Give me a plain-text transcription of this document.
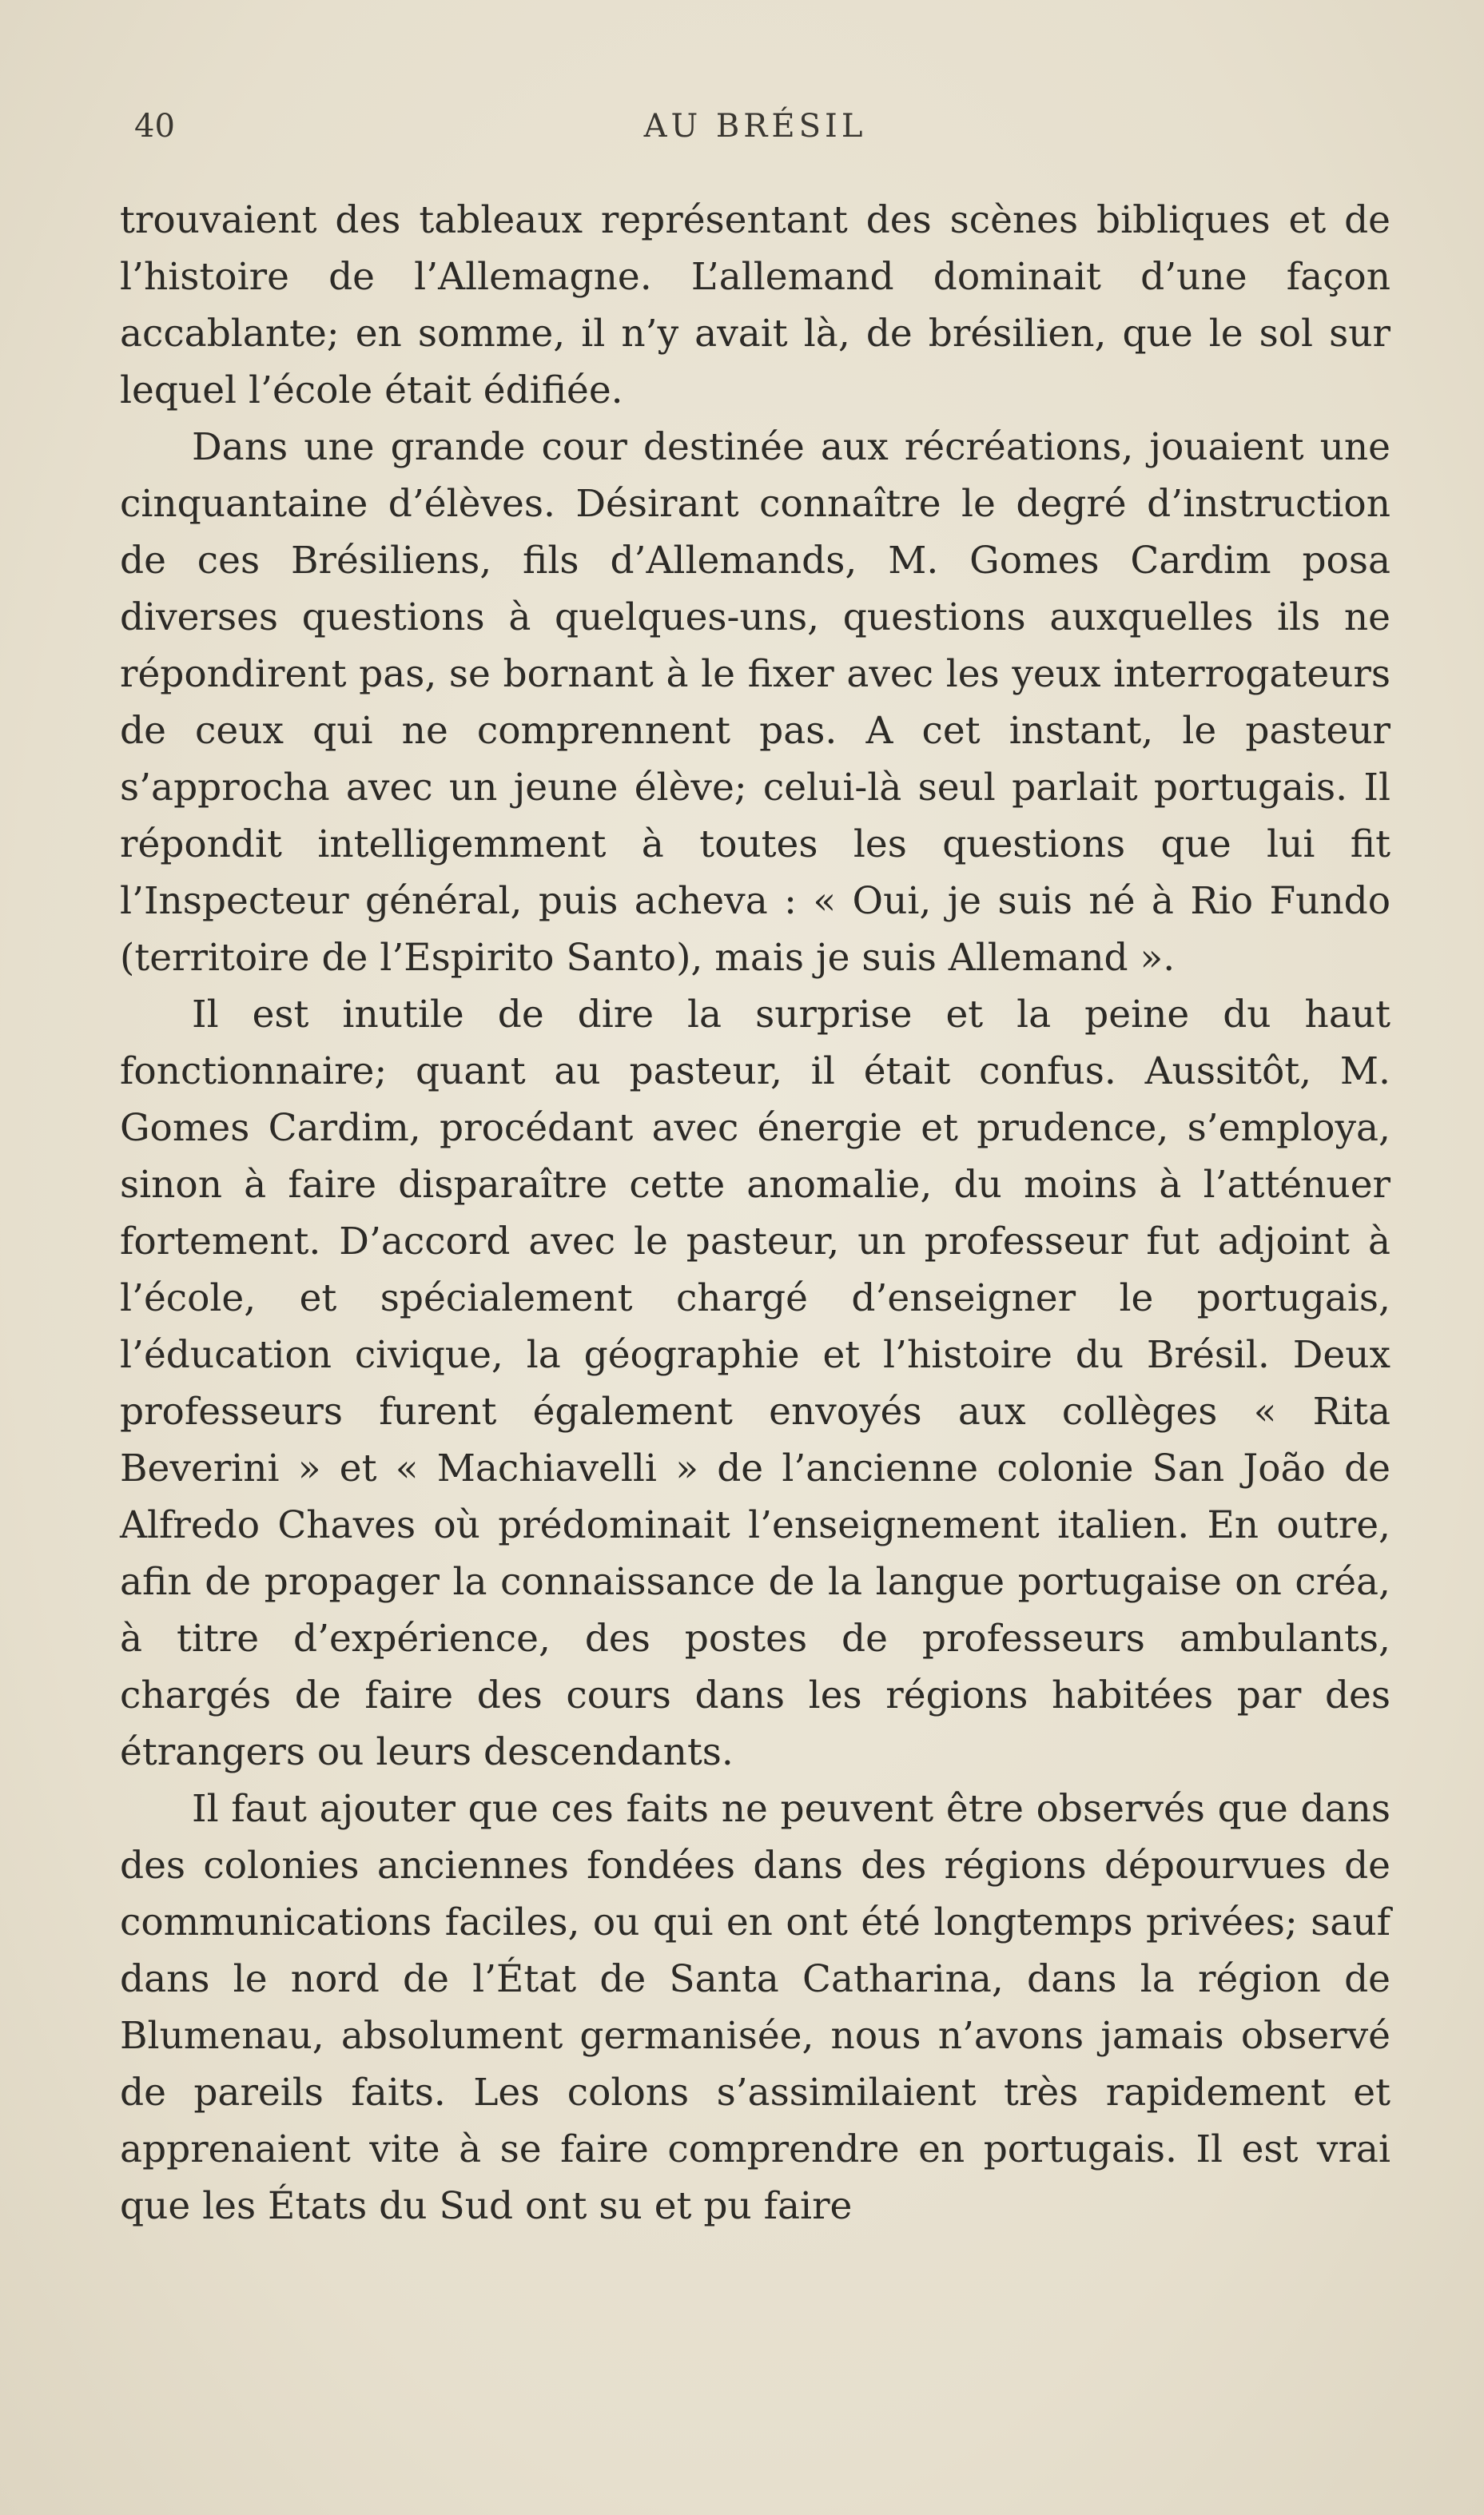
40	AU BRÉSIL

trouvaient des tableaux représentant des scènes bibliques et de l’histoire de l’Allemagne. L’allemand dominait d’une façon accablante; en somme, il n’y avait là, de brésilien, que le sol sur lequel l’école était édifiée.

Dans une grande cour destinée aux récréations, jouaient une cinquantaine d’élèves. Désirant connaître le degré d’instruction de ces Brésiliens, fils d’Allemands, M. Gomes Cardim posa diverses questions à quelques-uns, questions auxquelles ils ne répondirent pas, se bornant à le fixer avec les yeux interrogateurs de ceux qui ne comprennent pas. A cet instant, le pasteur s’approcha avec un jeune élève; celui-là seul parlait portugais. Il répondit intelligemment à toutes les questions que lui fit l’Inspecteur général, puis acheva : « Oui, je suis né à Rio Fundo (territoire de l’Espirito Santo), mais je suis Allemand ».

Il est inutile de dire la surprise et la peine du haut fonctionnaire; quant au pasteur, il était confus. Aussitôt, M. Gomes Cardim, procédant avec énergie et prudence, s’employa, sinon à faire disparaître cette anomalie, du moins à l’atténuer fortement. D’accord avec le pasteur, un professeur fut adjoint à l’école, et spécialement chargé d’enseigner le portugais, l’éducation civique, la géographie et l’histoire du Brésil. Deux professeurs furent également envoyés aux collèges « Rita Beverini » et « Machiavelli » de l’ancienne colonie San João de Alfredo Chaves où prédominait l’enseignement italien. En outre, afin de propager la connaissance de la langue portugaise on créa, à titre d’expérience, des postes de professeurs ambulants, chargés de faire des cours dans les régions habitées par des étrangers ou leurs descendants.

Il faut ajouter que ces faits ne peuvent être observés que dans des colonies anciennes fondées dans des régions dépourvues de communications faciles, ou qui en ont été longtemps privées; sauf dans le nord de l’État de Santa Catharina, dans la région de Blumenau, absolument germanisée, nous n’avons jamais observé de pareils faits. Les colons s’assimilaient très rapidement et apprenaient vite à se faire comprendre en portugais. Il est vrai que les États du Sud ont su et pu faire
